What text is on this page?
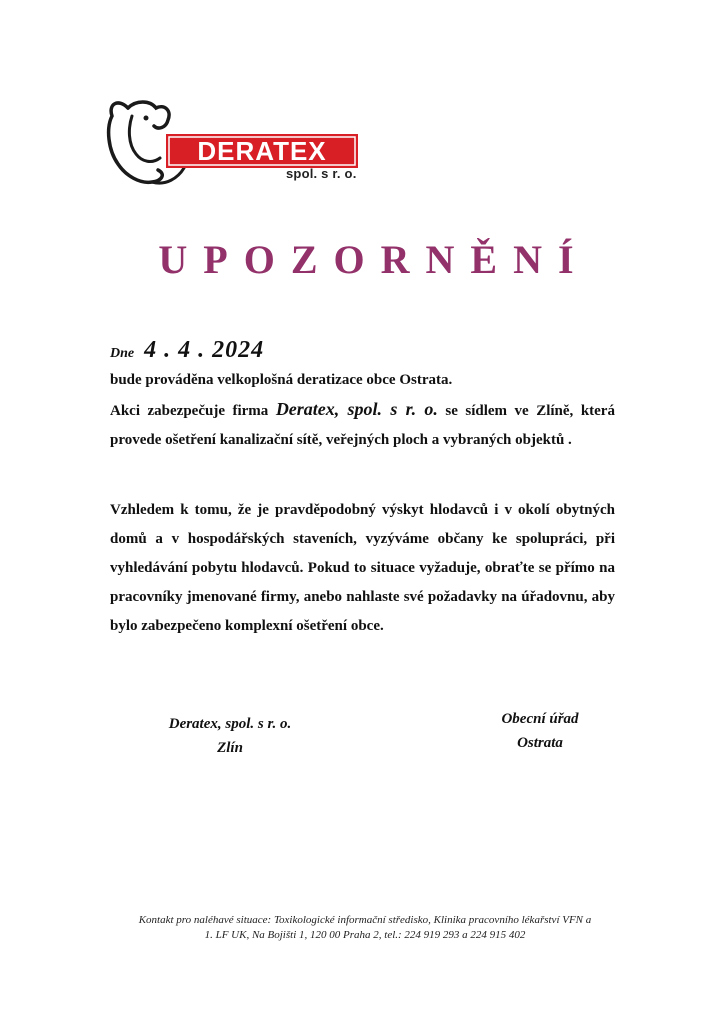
DERATEX
spol. s r. o.
UPOZORNĚNÍ
Dne 4 . 4 . 2024
bude prováděna velkoplošná deratizace obce Ostrata.
Akci zabezpečuje firma Deratex, spol. s r. o. se sídlem ve Zlíně, která provede ošetření kanalizační sítě, veřejných ploch a vybraných objektů .

Vzhledem k tomu, že je pravděpodobný výskyt hlodavců i v okolí obytných domů a v hospodářských staveních, vyzýváme občany ke spolupráci, při vyhledávání pobytu hlodavců. Pokud to situace vyžaduje, obraťte se přímo na pracovníky jmenované firmy, anebo nahlaste své požadavky na úřadovnu, aby bylo zabezpečeno komplexní ošetření obce.

Deratex, spol. s r. o.
Zlín
Obecní úřad
Ostrata
Kontakt pro naléhavé situace: Toxikologické informační středisko, Klinika pracovního lékařství VFN a
1. LF UK, Na Bojišti 1, 120 00 Praha 2, tel.: 224 919 293 a 224 915 402
